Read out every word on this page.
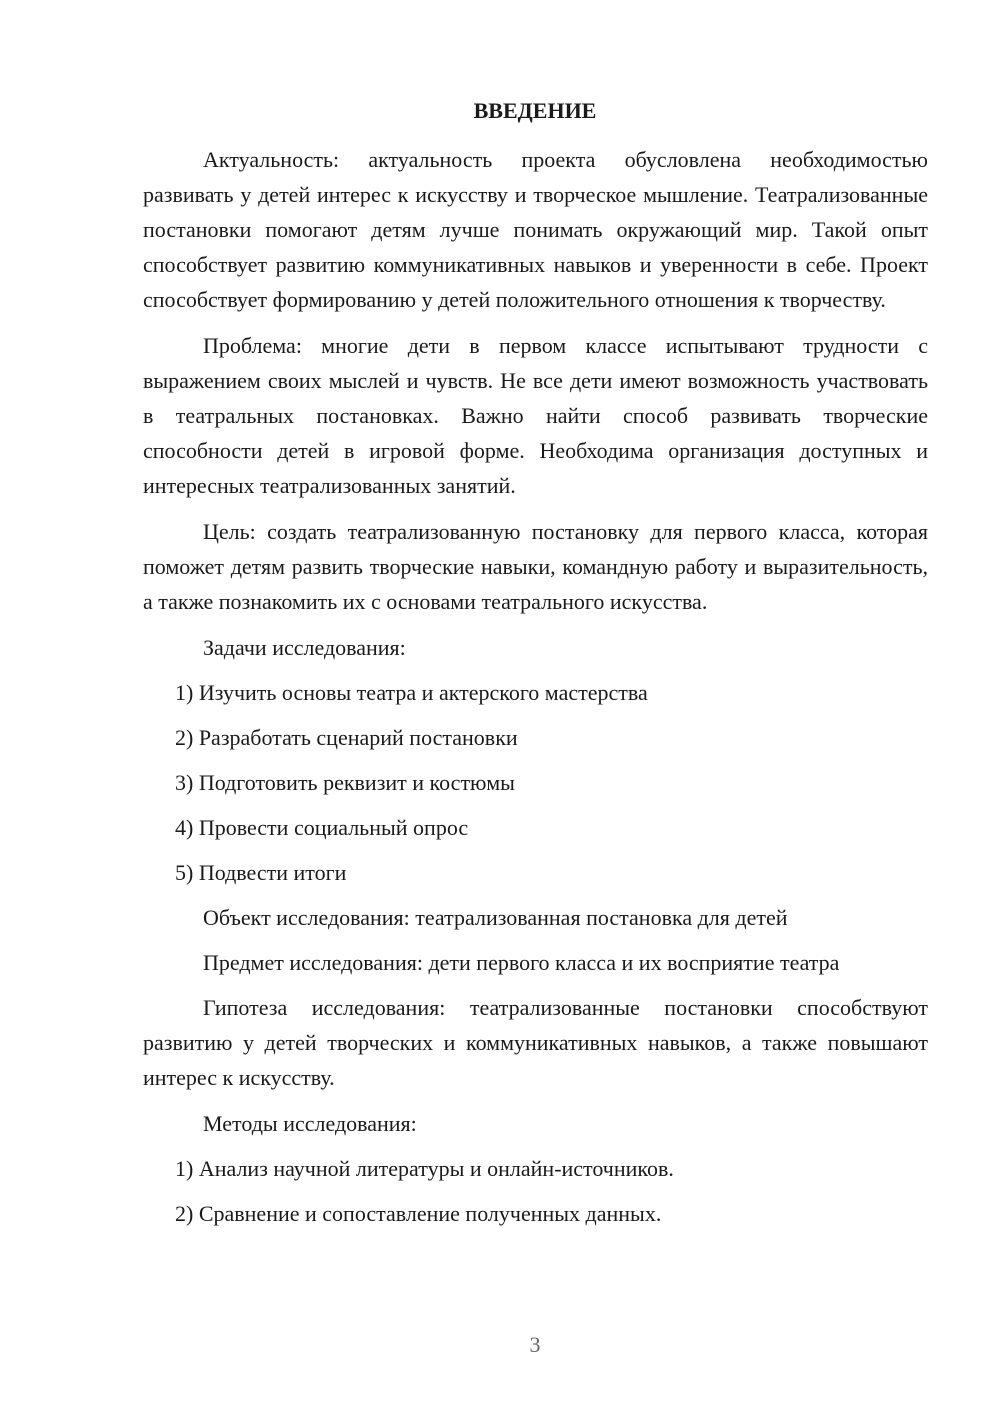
ВВЕДЕНИЕ

Актуальность: актуальность проекта обусловлена необходимостью развивать у детей интерес к искусству и творческое мышление. Театрализованные постановки помогают детям лучше понимать окружающий мир. Такой опыт способствует развитию коммуникативных навыков и уверенности в себе. Проект способствует формированию у детей положительного отношения к творчеству.

Проблема: многие дети в первом классе испытывают трудности с выражением своих мыслей и чувств. Не все дети имеют возможность участвовать в театральных постановках. Важно найти способ развивать творческие способности детей в игровой форме. Необходима организация доступных и интересных театрализованных занятий.

Цель: создать театрализованную постановку для первого класса, которая поможет детям развить творческие навыки, командную работу и выразительность, а также познакомить их с основами театрального искусства.

Задачи исследования:

1) Изучить основы театра и актерского мастерства
2) Разработать сценарий постановки
3) Подготовить реквизит и костюмы
4) Провести социальный опрос
5) Подвести итоги

Объект исследования: театрализованная постановка для детей

Предмет исследования: дети первого класса и их восприятие театра

Гипотеза исследования: театрализованные постановки способствуют развитию у детей творческих и коммуникативных навыков, а также повышают интерес к искусству.

Методы исследования:

1) Анализ научной литературы и онлайн-источников.
2) Сравнение и сопоставление полученных данных.
3
